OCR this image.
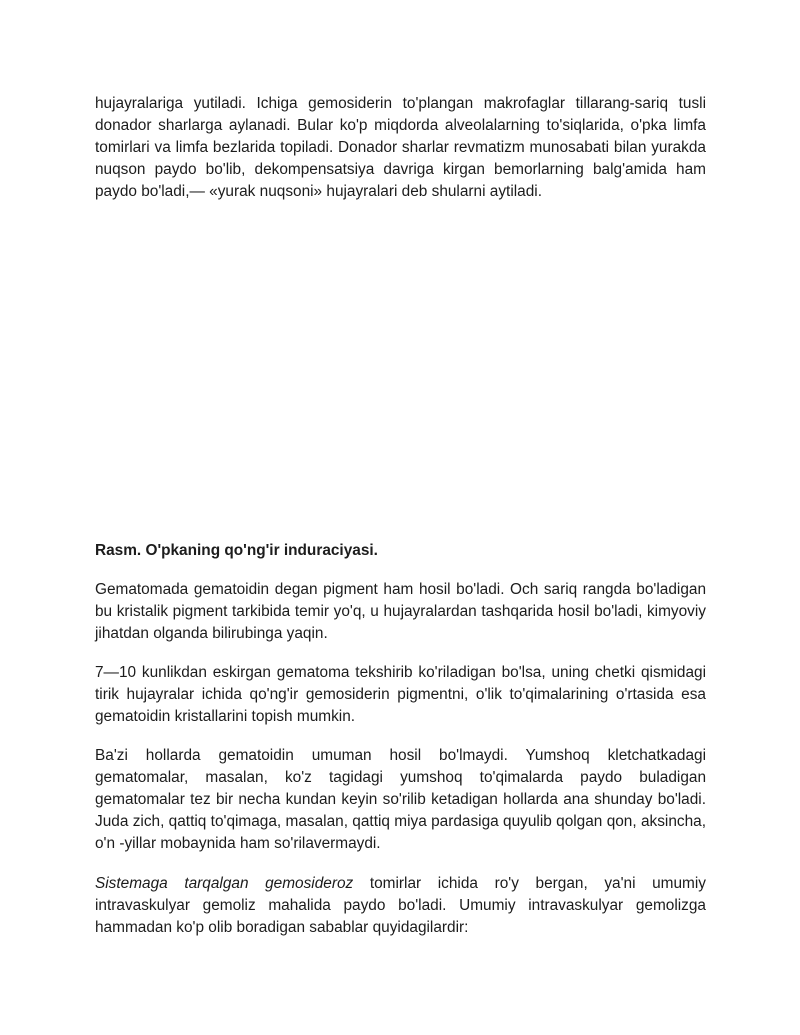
hujayralariga yutiladi. Ichiga gemosiderin to'plangan makrofaglar tillarang-sariq tusli donador sharlarga aylanadi. Bular ko'p miqdorda alveolalarning to'siqlarida, o'pka limfa tomirlari va limfa bezlarida topiladi. Donador sharlar revmatizm munosabati bilan yurakda nuqson paydo bo'lib, dekompensatsiya davriga kirgan bemorlarning balg'amida ham paydo bo'ladi,— «yurak nuqsoni» hujayralari deb shularni aytiladi.

Rasm. O'pkaning qo'ng'ir induraciyasi.

Gematomada gematoidin degan pigment ham hosil bo'ladi. Och sariq rangda bo'ladigan bu kristalik pigment tarkibida temir yo'q, u hujayralardan tashqarida hosil bo'ladi, kimyoviy jihatdan olganda bilirubinga yaqin.

7—10 kunlikdan eskirgan gematoma tekshirib ko'riladigan bo'lsa, uning chetki qismidagi tirik hujayralar ichida qo'ng'ir gemosiderin pigmentni, o'lik to'qimalarining o'rtasida esa gematoidin kristallarini topish mumkin.

Ba'zi hollarda gematoidin umuman hosil bo'lmaydi. Yumshoq kletchatkadagi gematomalar, masalan, ko'z tagidagi yumshoq to'qimalarda paydo buladigan gematomalar tez bir necha kundan keyin so'rilib ketadigan hollarda ana shunday bo'ladi. Juda zich, qattiq to'qimaga, masalan, qattiq miya pardasiga quyulib qolgan qon, aksincha, o'n -yillar mobaynida ham so'rilavermaydi.

Sistemaga tarqalgan gemosideroz tomirlar ichida ro'y bergan, ya'ni umumiy intravaskulyar gemoliz mahalida paydo bo'ladi. Umumiy intravaskulyar gemolizga hammadan ko'p olib boradigan sabablar quyidagilardir:
